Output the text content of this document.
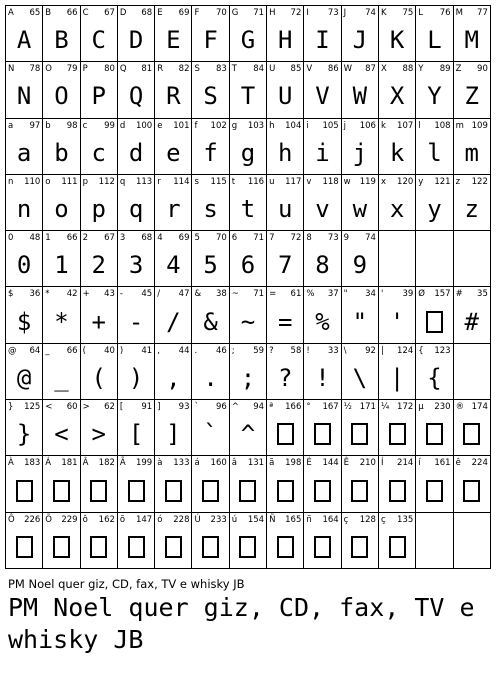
A 65
A
B 66
B
C 67
C
D 68
D
E 69
E
F 70
F
G 71
G
H 72
H
I 73
I
J 74
J
K 75
K
L 76
L
M 77
M
N 78
N
O 79
O
P 80
P
Q 81
Q
R 82
R
S 83
S
T 84
T
U 85
U
V 86
V
W 87
W
X 88
X
Y 89
Y
Z 90
Z
a 97
a
b 98
b
c 99
c
d 100
d
e 101
e
f 102
f
g 103
g
h 104
h
i 105
i
j 106
j
k 107
k
l 108
l
m 109
m
n 110
n
o 111
o
p 112
p
q 113
q
r 114
r
s 115
s
t 116
t
u 117
u
v 118
v
w 119
w
x 120
x
y 121
y
z 122
z
0 48
0
1 66
1
2 67
2
3 68
3
4 69
4
5 70
5
6 71
6
7 72
7
8 73
8
9 74
9
$ 36
$
* 42
*
+ 43
+
- 45
-
/ 47
/
& 38
&
~ 71
~
= 61
=
% 37
%
" 34
"
' 39
'
Ø 157 # 35
#
@ 64
@
_ 66
_
( 40
(
) 41
)
, 44
,
. 46
.
; 59
;
? 58
?
! 33
!
\ 92
\
| 124
|
{ 123
{
} 125
}
< 60
<
> 62
>
[ 91
[
] 93
]
` 96
`
^ 94
^
ª 166 ° 167 ½ 171 ¼ 172 µ 230 ® 174
À 183 Á 181 Â 182 Ã 199 à 133 á 160 â 131 ã 198 É 144 Ê 210 Í 214 í 161 ê 224
Ô 226 Õ 229 ô 162 õ 147 ó 228 Ú 233 ú 154 Ñ 165 ñ 164 ç 128 ç 135
PM Noel quer giz, CD, fax, TV e whisky JB
PM Noel quer giz, CD, fax, TV e whisky JB
